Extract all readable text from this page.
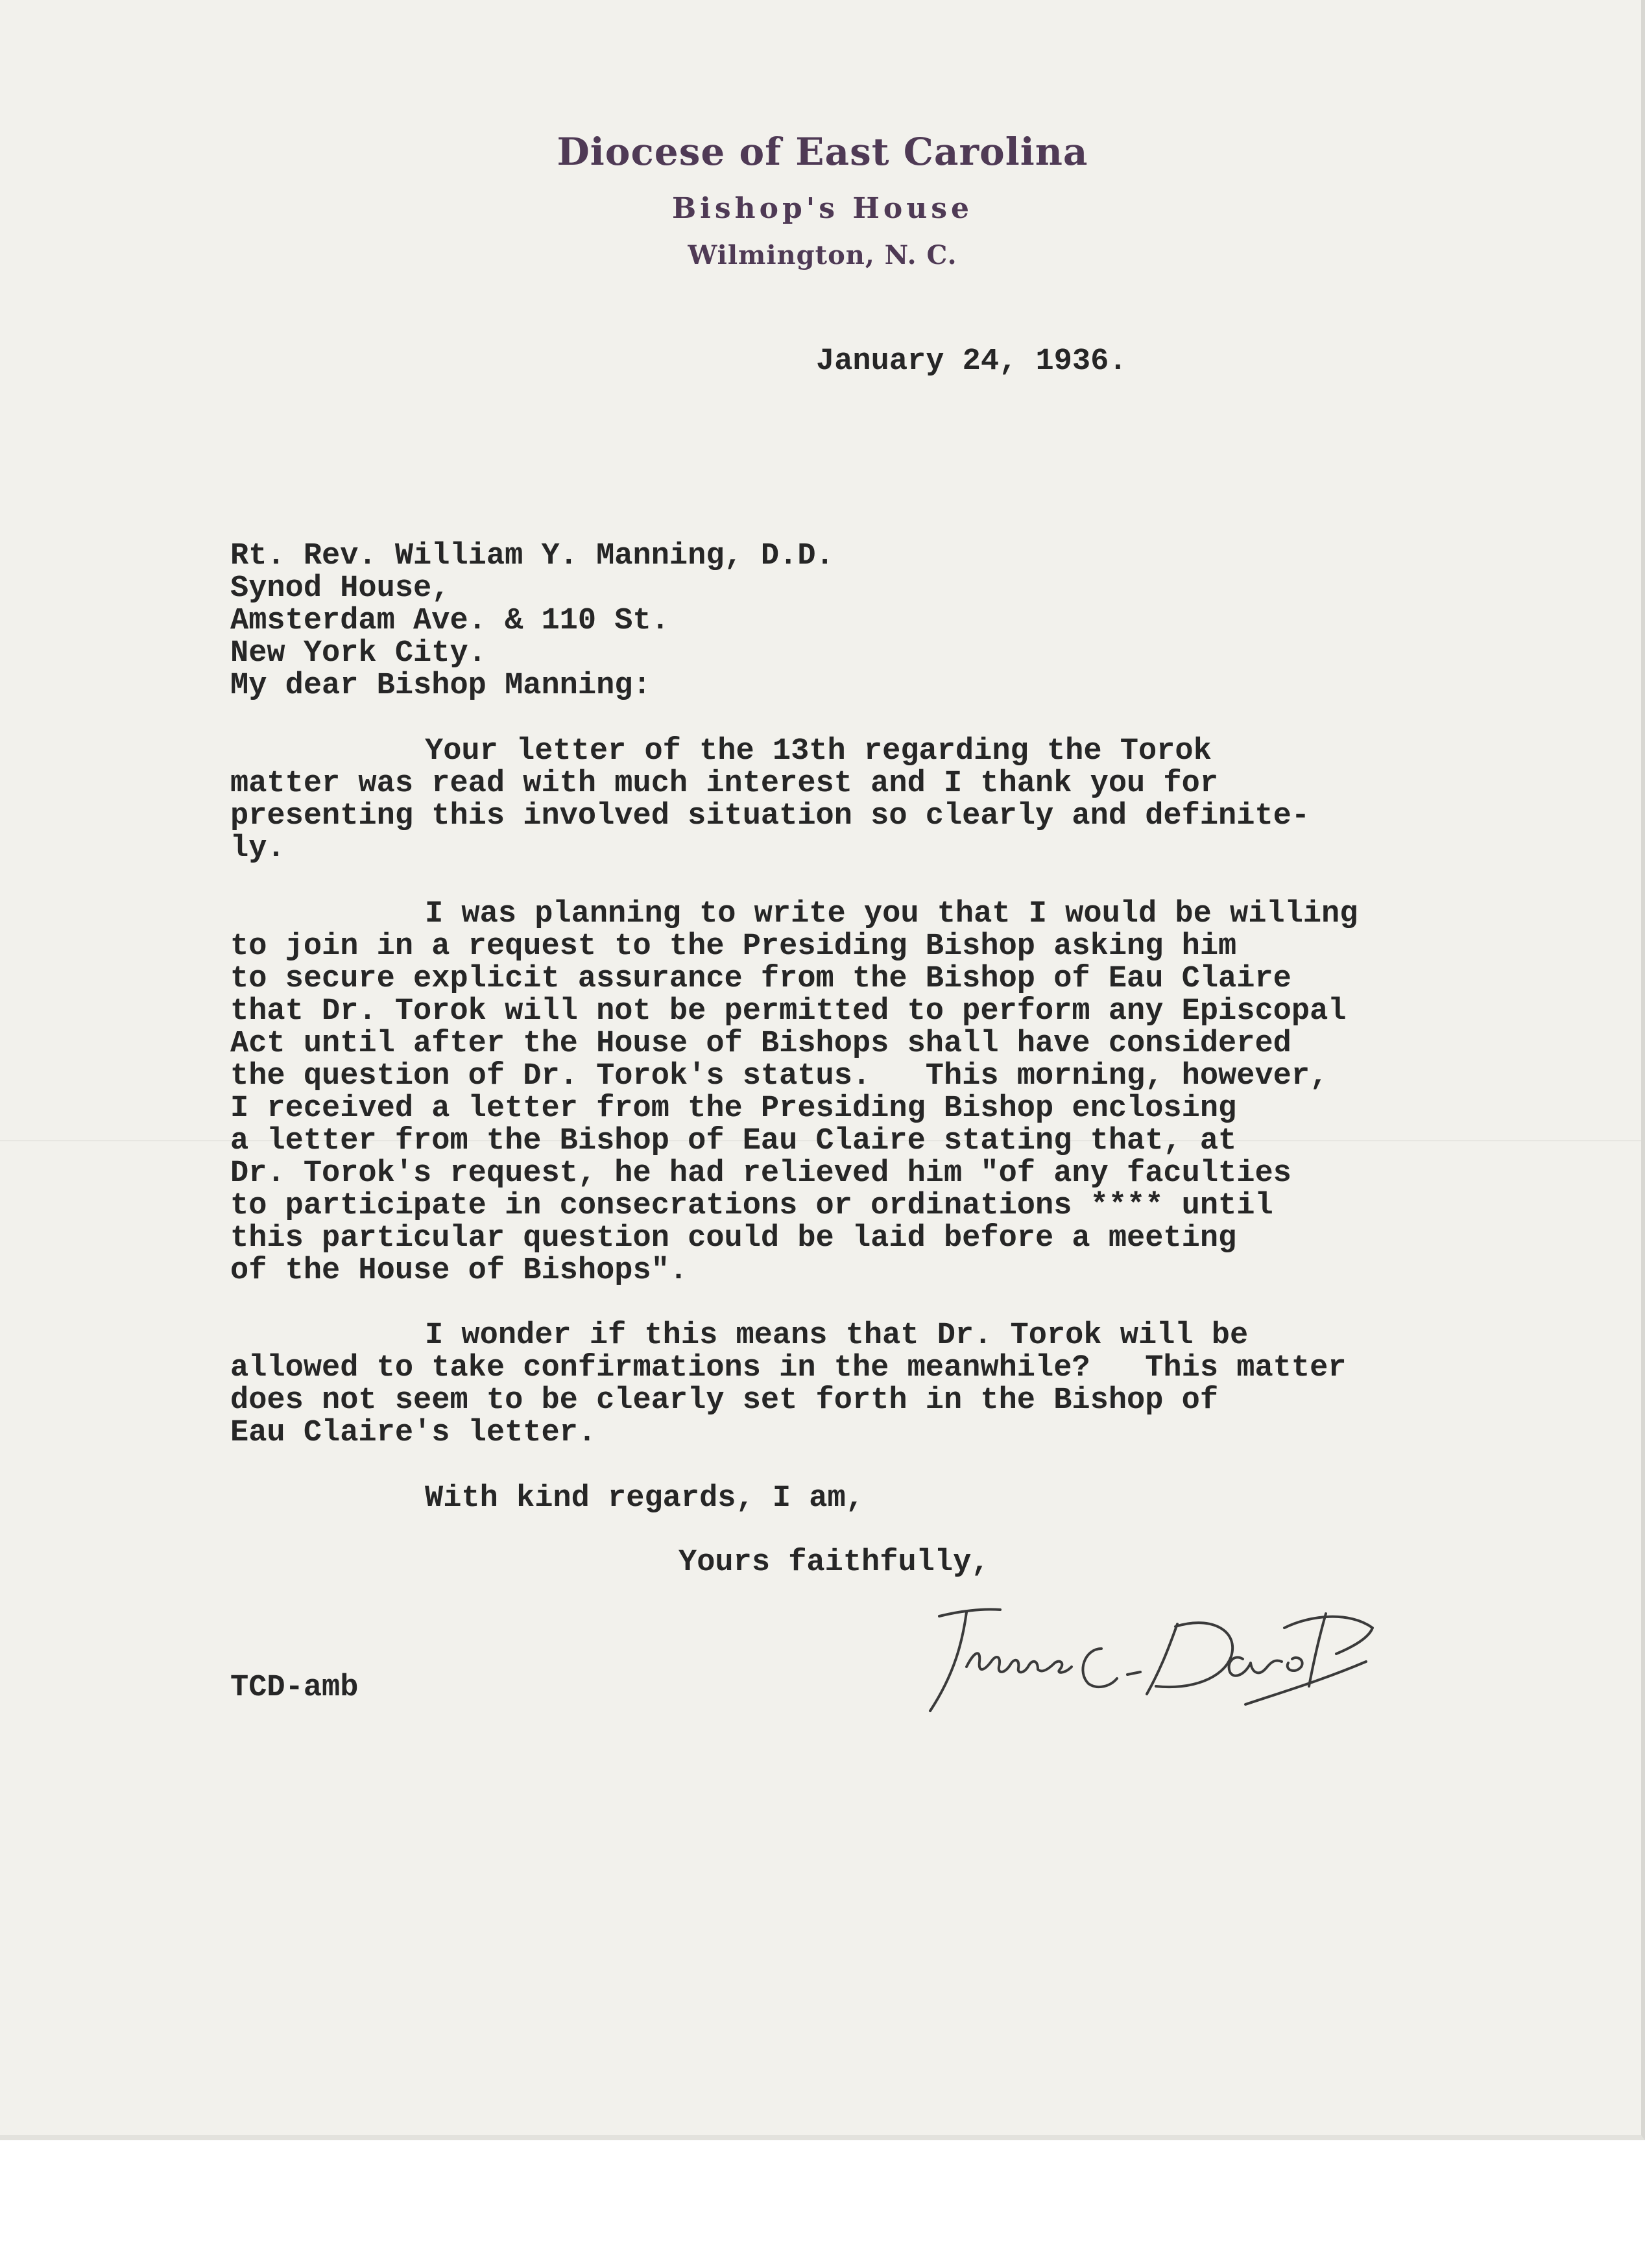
Diocese of East Carolina
Bishop's House
Wilmington, N. C.
January 24, 1936.
Rt. Rev. William Y. Manning, D.D.
Synod House,
Amsterdam Ave. & 110 St.
New York City.
My dear Bishop Manning:
Your letter of the 13th regarding the Torok
matter was read with much interest and I thank you for
presenting this involved situation so clearly and definite-
ly.
I was planning to write you that I would be willing
to join in a request to the Presiding Bishop asking him
to secure explicit assurance from the Bishop of Eau Claire
that Dr. Torok will not be permitted to perform any Episcopal
Act until after the House of Bishops shall have considered
the question of Dr. Torok's status.   This morning, however,
I received a letter from the Presiding Bishop enclosing
a letter from the Bishop of Eau Claire stating that, at
Dr. Torok's request, he had relieved him "of any faculties
to participate in consecrations or ordinations **** until
this particular question could be laid before a meeting
of the House of Bishops".
I wonder if this means that Dr. Torok will be
allowed to take confirmations in the meanwhile?   This matter
does not seem to be clearly set forth in the Bishop of
Eau Claire's letter.
With kind regards, I am,
Yours faithfully,
TCD-amb
